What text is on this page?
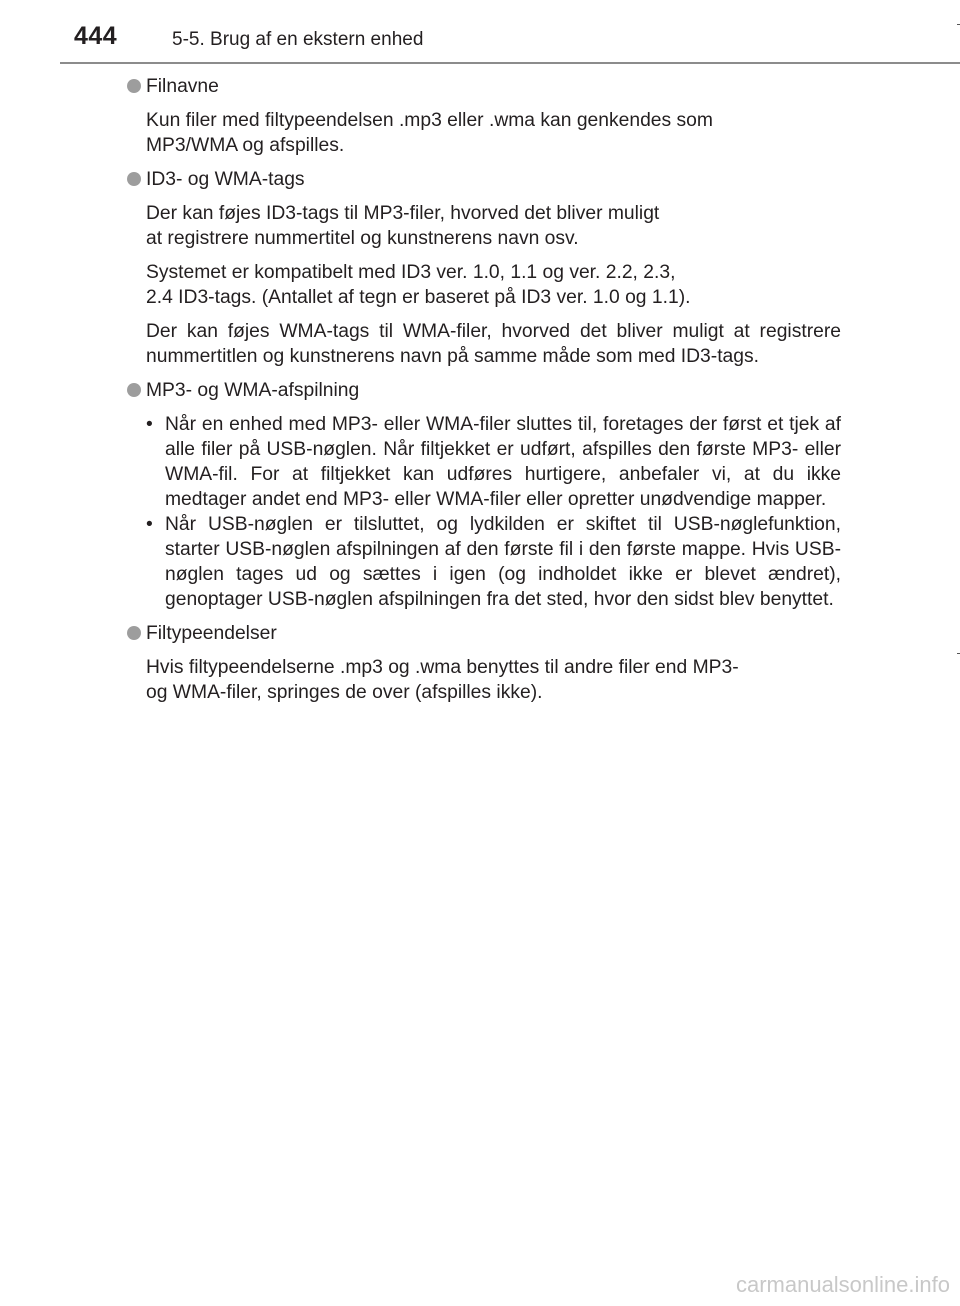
444	5-5. Brug af en ekstern enhed
Filnavne
Kun filer med filtypeendelsen .mp3 eller .wma kan genkendes som
MP3/WMA og afspilles.
ID3- og WMA-tags
Der kan føjes ID3-tags til MP3-filer, hvorved det bliver muligt
at registrere nummertitel og kunstnerens navn osv.
Systemet er kompatibelt med ID3 ver. 1.0, 1.1 og ver. 2.2, 2.3,
2.4 ID3-tags. (Antallet af tegn er baseret på ID3 ver. 1.0 og 1.1).
Der kan føjes WMA-tags til WMA-filer, hvorved det bliver muligt at registrere nummertitlen og kunstnerens navn på samme måde som med ID3-tags.
MP3- og WMA-afspilning
• Når en enhed med MP3- eller WMA-filer sluttes til, foretages der først et tjek af alle filer på USB-nøglen. Når filtjekket er udført, afspilles den første MP3- eller WMA-fil. For at filtjekket kan udføres hurtigere, anbefaler vi, at du ikke medtager andet end MP3- eller WMA-filer eller opretter unødvendige mapper.
• Når USB-nøglen er tilsluttet, og lydkilden er skiftet til USB-nøglefunktion, starter USB-nøglen afspilningen af den første fil i den første mappe. Hvis USB-nøglen tages ud og sættes i igen (og indholdet ikke er blevet ændret), genoptager USB-nøglen afspilningen fra det sted, hvor den sidst blev benyttet.
Filtypeendelser
Hvis filtypeendelserne .mp3 og .wma benyttes til andre filer end MP3-
og WMA-filer, springes de over (afspilles ikke).
carmanualsonline.info
